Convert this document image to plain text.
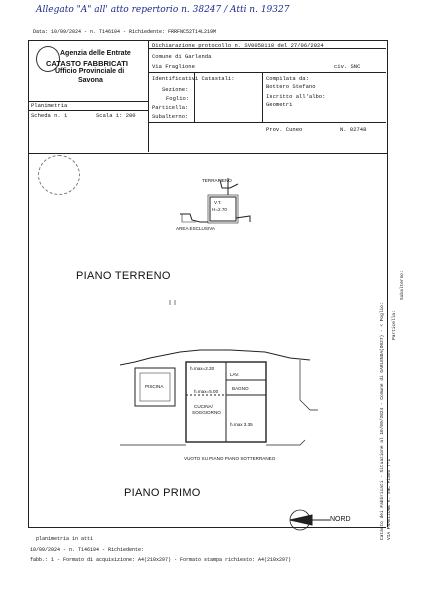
Allegato "A" all' atto repertorio n. 38247 / Atti n. 19327
Data: 10/09/2024 - n. T146104 - Richiedente: FRRFNC52T14L219M
Agenzia delle Entrate
CATASTO FABBRICATI
Ufficio Provinciale di
Savona
Dichiarazione protocollo n. SV0058110 del 27/06/2024
Comune di Garlenda
Via Fraglione	civ. SNC
Identificativi Catastali:
Sezione:
Foglio:
Particella:
Subalterno:
Compilata da:
Bottero Stefano
Iscritto all'albo:
Geometri
Prov. Cuneo	N. 02748
Planimetria
Scheda n. 1	Scala 1: 200
TERRAPIENO
V.T.
H=2.70
AREA ESCLUSIVA
PIANO TERRENO
h.max=2.30
LAV.
h.max=5.00
BAGNO
CUCINA/
SOGGIORNO
PISCINA
h.max 3.35
VUOTO SU PIANO PIANO SOTTERRANEO
PIANO PRIMO
NORD
planimetria in atti
10/09/2024 - n. T146104 - Richiedente:
fabb.: 1 - Formato di acquisizione: A4(210x297) - Formato stampa richiesto: A4(210x297)
Catasto dei Fabbricati - Situazione al 10/09/2024 - Comune di GARLENDA(D927) - < Foglio: VIA FRAGLIONE n. SNC Piano T-1
Particella:
Subalterno:
